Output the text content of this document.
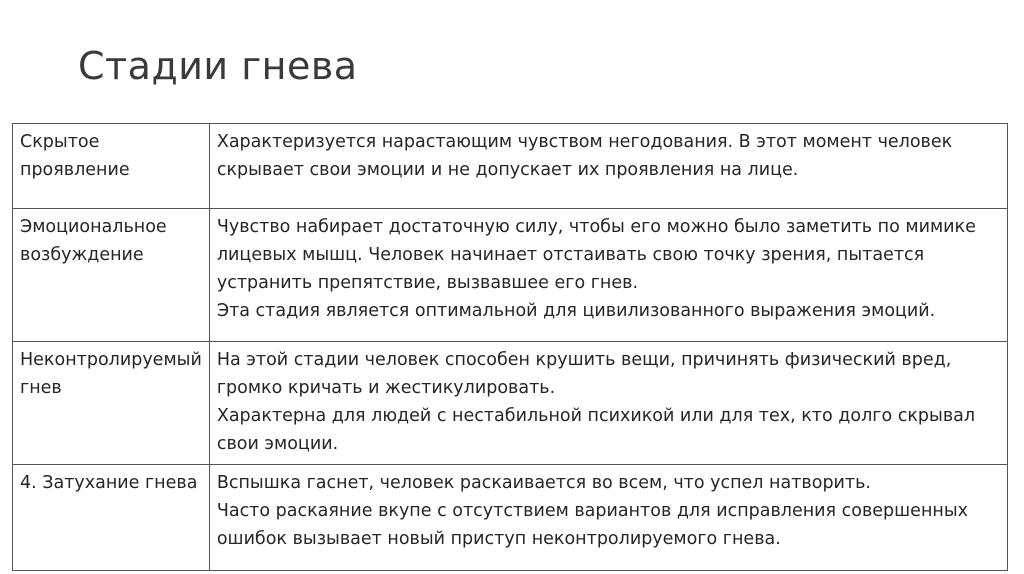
Стадии гнева
Скрытое проявление	Характеризуется нарастающим чувством негодования. В этот момент человек скрывает свои эмоции и не допускает их проявления на лице.

Эмоциональное возбуждение	Чувство набирает достаточную силу, чтобы его можно было заметить по мимике лицевых мышц. Человек начинает отстаивать свою точку зрения, пытается устранить препятствие, вызвавшее его гнев.
Эта стадия является оптимальной для цивилизованного выражения эмоций.

Неконтролируемый гнев	На этой стадии человек способен крушить вещи, причинять физический вред, громко кричать и жестикулировать.
Характерна для людей с нестабильной психикой или для тех, кто долго скрывал свои эмоции.

4. Затухание гнева	Вспышка гаснет, человек раскаивается во всем, что успел натворить.
Часто раскаяние вкупе с отсутствием вариантов для исправления совершенных ошибок вызывает новый приступ неконтролируемого гнева.
